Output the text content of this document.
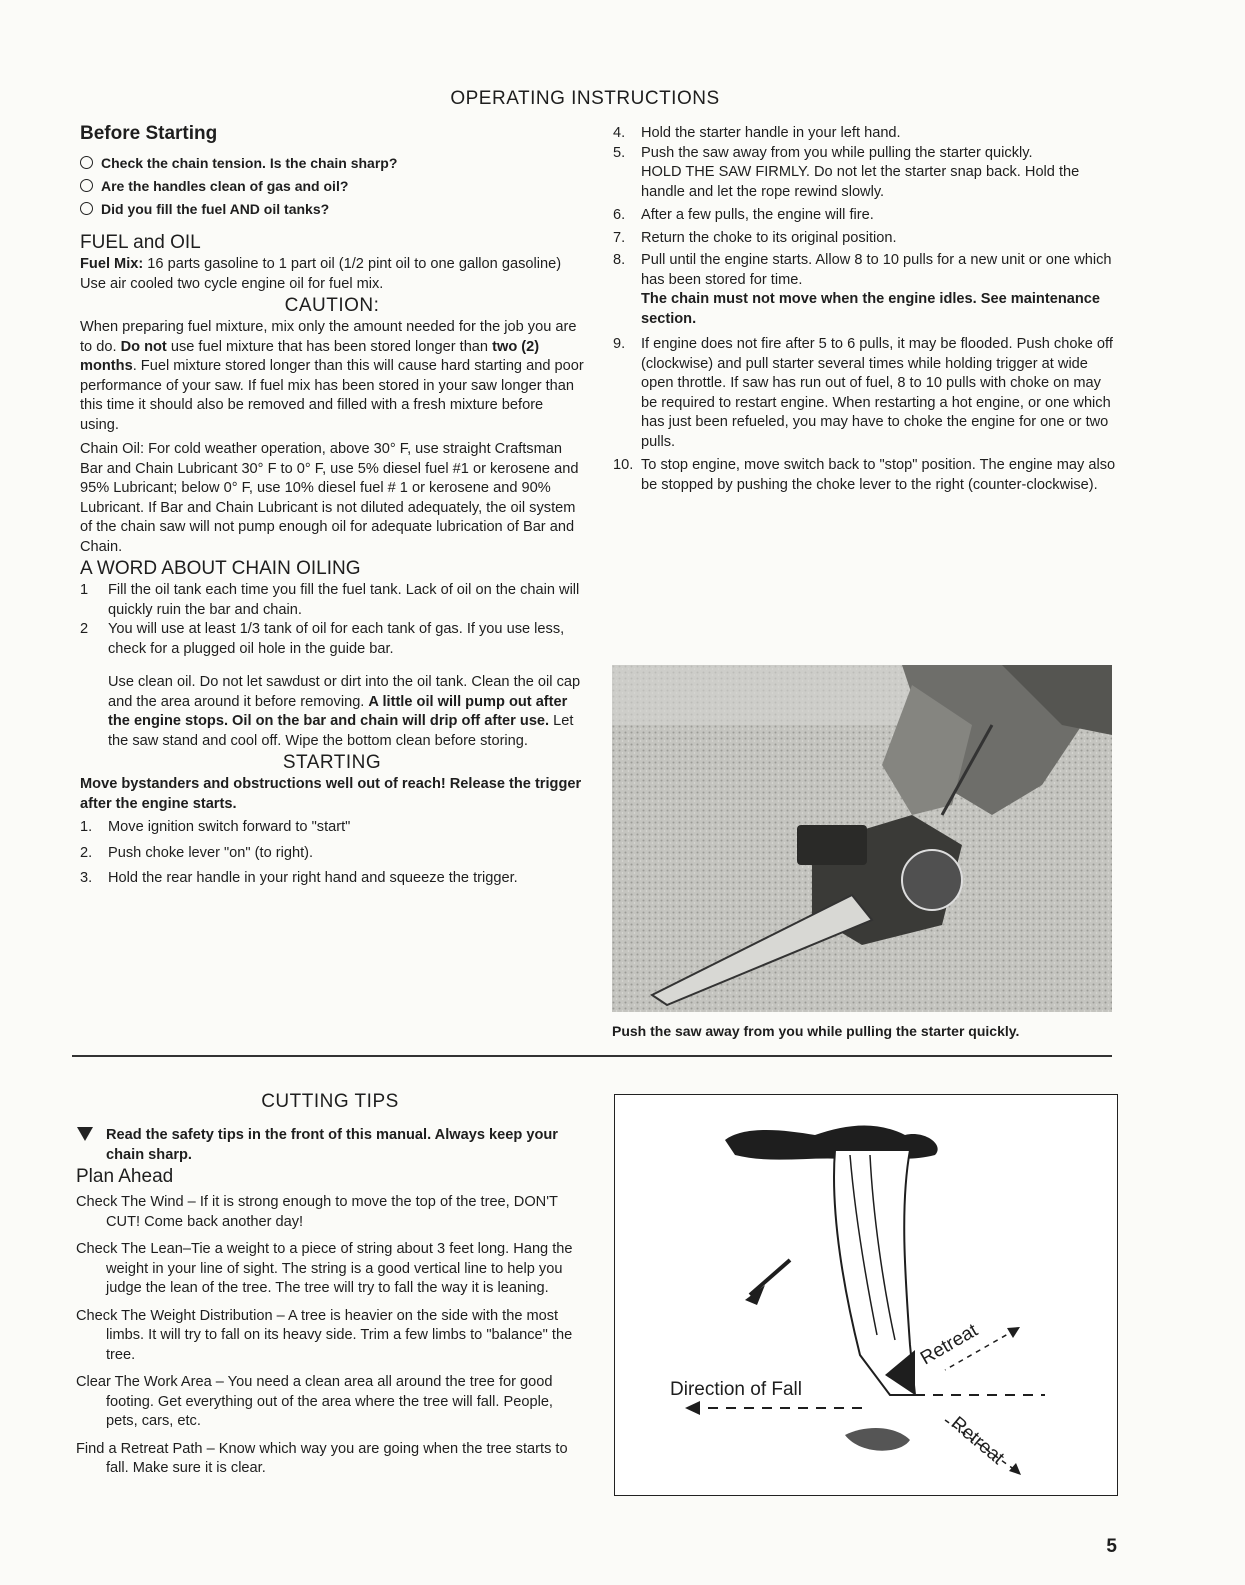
OPERATING INSTRUCTIONS
Before Starting
Check the chain tension. Is the chain sharp?
Are the handles clean of gas and oil?
Did you fill the fuel AND oil tanks?
FUEL and OIL

Fuel Mix: 16 parts gasoline to 1 part oil (1/2 pint oil to one gallon gasoline) Use air cooled two cycle engine oil for fuel mix.

CAUTION:

When preparing fuel mixture, mix only the amount needed for the job you are to do. Do not use fuel mixture that has been stored longer than two (2) months. Fuel mixture stored longer than this will cause hard starting and poor performance of your saw. If fuel mix has been stored in your saw longer than this time it should also be removed and filled with a fresh mixture before using.

Chain Oil: For cold weather operation, above 30° F, use straight Craftsman Bar and Chain Lubricant 30° F to 0° F, use 5% diesel fuel #1 or kerosene and 95% Lubricant; below 0° F, use 10% diesel fuel # 1 or kerosene and 90% Lubricant. If Bar and Chain Lubricant is not diluted adequately, the oil system of the chain saw will not pump enough oil for adequate lubrication of Bar and Chain.

A WORD ABOUT CHAIN OILING
1	Fill the oil tank each time you fill the fuel tank. Lack of oil on the chain will quickly ruin the bar and chain.
2	You will use at least 1/3 tank of oil for each tank of gas. If you use less, check for a plugged oil hole in the guide bar.

Use clean oil. Do not let sawdust or dirt into the oil tank. Clean the oil cap and the area around it before removing. A little oil will pump out after the engine stops. Oil on the bar and chain will drip off after use. Let the saw stand and cool off. Wipe the bottom clean before storing.

STARTING

Move bystanders and obstructions well out of reach! Release the trigger after the engine starts.

1.	Move ignition switch forward to "start"
2.	Push choke lever "on" (to right).
3.	Hold the rear handle in your right hand and squeeze the trigger.
4.	Hold the starter handle in your left hand.
5.	Push the saw away from you while pulling the starter quickly.
HOLD THE SAW FIRMLY. Do not let the starter snap back. Hold the handle and let the rope rewind slowly.
6.	After a few pulls, the engine will fire.
7.	Return the choke to its original position.
8.	Pull until the engine starts. Allow 8 to 10 pulls for a new unit or one which has been stored for time.
The chain must not move when the engine idles. See maintenance section.
9.	If engine does not fire after 5 to 6 pulls, it may be flooded. Push choke off (clockwise) and pull starter several times while holding trigger at wide open throttle. If saw has run out of fuel, 8 to 10 pulls with choke on may be required to restart engine. When restarting a hot engine, or one which has just been refueled, you may have to choke the engine for one or two pulls.
10. To stop engine, move switch back to "stop" position. The engine may also be stopped by pushing the choke lever to the right (counter-clockwise).
Push the saw away from you while pulling the starter quickly.
CUTTING TIPS
Read the safety tips in the front of this manual. Always keep your chain sharp.
Plan Ahead

Check The Wind – If it is strong enough to move the top of the tree, DON'T CUT! Come back another day!

Check The Lean–Tie a weight to a piece of string about 3 feet long. Hang the weight in your line of sight. The string is a good vertical line to help you judge the lean of the tree. The tree will try to fall the way it is leaning.

Check The Weight Distribution – A tree is heavier on the side with the most limbs. It will try to fall on its heavy side. Trim a few limbs to "balance" the tree.

Clear The Work Area – You need a clean area all around the tree for good footing. Get everything out of the area where the tree will fall. People, pets, cars, etc.

Find a Retreat Path – Know which way you are going when the tree starts to fall. Make sure it is clear.

Direction of Fall
Retreat
Retreat
5
